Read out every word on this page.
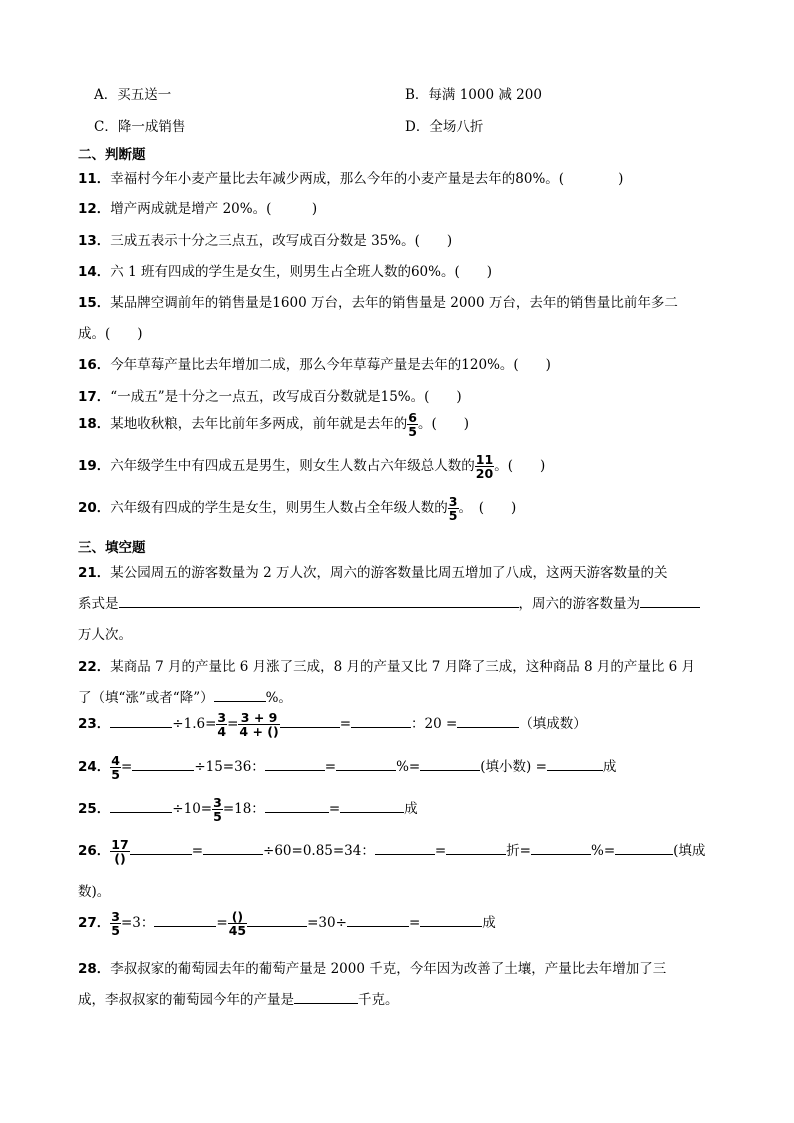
A．买五送一	B．每满 1000 减 200
C．降一成销售	D．全场八折
二、判断题
11．幸福村今年小麦产量比去年减少两成，那么今年的小麦产量是去年的80%。(　　　　)
12．增产两成就是增产 20%。(　　　)
13．三成五表示十分之三点五，改写成百分数是 35%。(　　)
14．六 1 班有四成的学生是女生，则男生占全班人数的60%。(　　)
15．某品牌空调前年的销售量是1600 万台，去年的销售量是 2000 万台，去年的销售量比前年多二
成。(　　)
16．今年草莓产量比去年增加二成，那么今年草莓产量是去年的120%。(　　)
17．“一成五”是十分之一点五，改写成百分数就是15%。(　　)
18．某地收秋粮，去年比前年多两成，前年就是去年的 $\frac{6}{5}$ 。(　　)
19．六年级学生中有四成五是男生，则女生人数占六年级总人数的 $\frac{11}{20}$ 。(　　)
20．六年级有四成的学生是女生，则男生人数占全年级人数的 $\frac{3}{5}$ 。　(　　)
三、填空题
21．某公园周五的游客数量为 2 万人次，周六的游客数量比周五增加了八成，这两天游客数量的关
系式是	，周六的游客数量为
万人次。
22．某商品 7 月的产量比 6 月涨了三成，8 月的产量又比 7 月降了三成，这种商品 8 月的产量比 6 月
了（填“涨”或者“降”）	%。
23．	$\div 1.6= \frac{3}{4} = \frac{3 + 9}{4 + ()}$	=	：20 =	（填成数）
24． $\frac{4}{5}$ =	÷15=36：	=	%=	(填小数) =	成
25．	$\div 10= \frac{3}{5} =18$：	=	成
26． $\frac{17}{()}$	=	÷60=0.85=34：	=	折=	%=	(填成
数)。
27． $\frac{3}{5} =3$：	= $\frac{()}{45}$	=30÷	=	成
28．李叔叔家的葡萄园去年的葡萄产量是 2000 千克，今年因为改善了土壤，产量比去年增加了三
成，李叔叔家的葡萄园今年的产量是	千克。
